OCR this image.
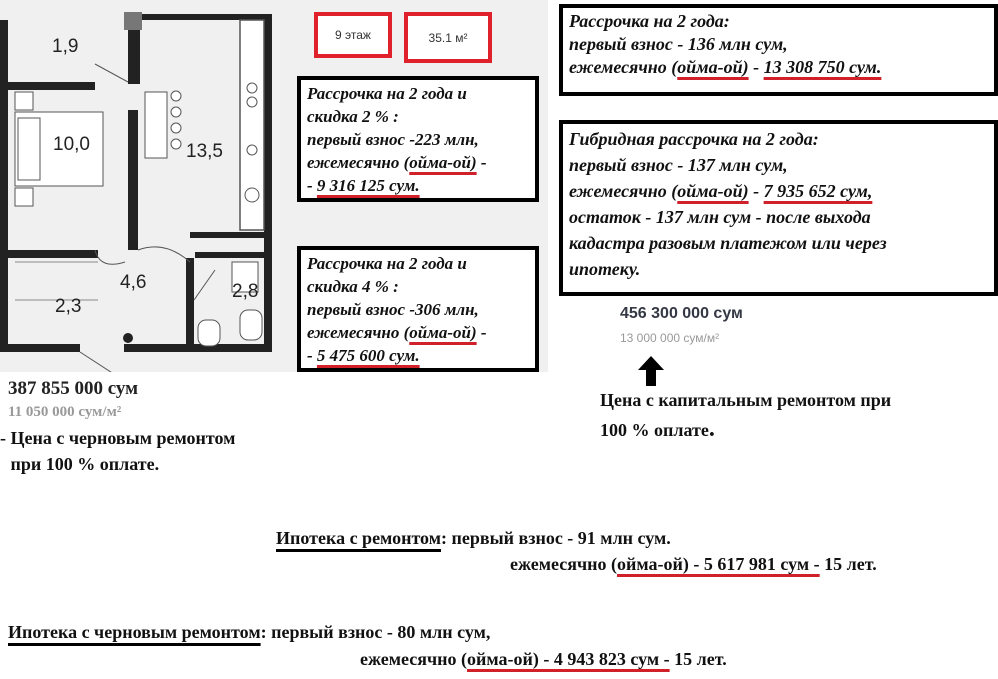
1,9
10,0	13,5
4,6
2,3
2,8
9 этаж	35.1 м²
Рассрочка на 2 года и
скидка 2 % :
первый взнос -223 млн,
ежемесячно (ойма-ой) -
- 9 316 125 сум.
Рассрочка на 2 года и
скидка 4 % :
первый взнос -306 млн,
ежемесячно (ойма-ой) -
- 5 475 600 сум.
Рассрочка на 2 года:
первый взнос - 136 млн сум,
ежемесячно (ойма-ой) - 13 308 750 сум.
Гибридная рассрочка на 2 года:
первый взнос - 137 млн сум,
ежемесячно (ойма-ой) - 7 935 652 сум,
остаток - 137 млн сум - после выхода
кадастра разовым платежом или через
ипотеку.
387 855 000 сум
11 050 000 сум/м²
- Цена с черновым ремонтом
при 100 % оплате.
456 300 000 сум
13 000 000 сум/м²
Цена с капитальным ремонтом при
100 % оплате.
Ипотека с ремонтом: первый взнос - 91 млн сум.
ежемесячно (ойма-ой) - 5 617 981 сум - 15 лет.
Ипотека с черновым ремонтом: первый взнос - 80 млн сум,
ежемесячно (ойма-ой) - 4 943 823 сум - 15 лет.
